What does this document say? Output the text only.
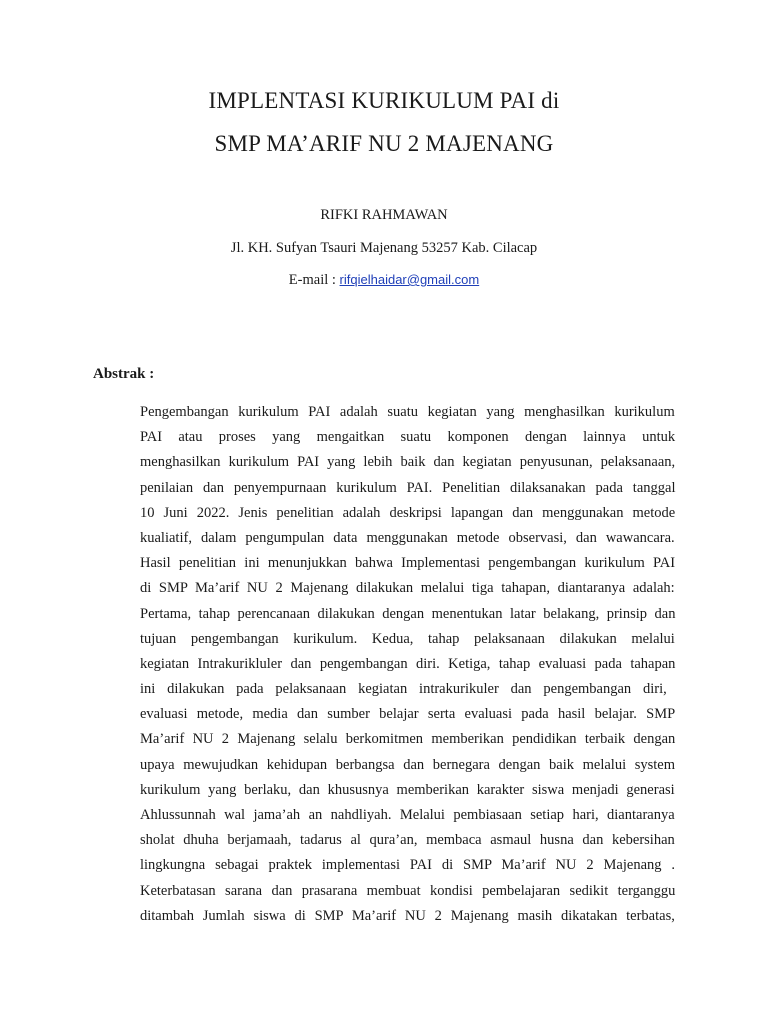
IMPLENTASI KURIKULUM PAI di
SMP MA’ARIF NU 2 MAJENANG
RIFKI RAHMAWAN
Jl. KH. Sufyan Tsauri Majenang 53257 Kab. Cilacap
E-mail : rifqielhaidar@gmail.com
Abstrak :
Pengembangan kurikulum PAI adalah suatu kegiatan yang menghasilkan kurikulum
PAI atau proses yang mengaitkan suatu komponen dengan lainnya untuk
menghasilkan kurikulum PAI yang lebih baik dan kegiatan penyusunan, pelaksanaan,
penilaian dan penyempurnaan kurikulum PAI. Penelitian dilaksanakan pada tanggal
10 Juni 2022. Jenis penelitian adalah deskripsi lapangan dan menggunakan metode
kualiatif, dalam pengumpulan data menggunakan metode observasi, dan wawancara.
Hasil penelitian ini menunjukkan bahwa Implementasi pengembangan kurikulum PAI
di SMP Ma’arif NU 2 Majenang dilakukan melalui tiga tahapan, diantaranya adalah:
Pertama, tahap perencanaan dilakukan dengan menentukan latar belakang, prinsip dan
tujuan pengembangan kurikulum. Kedua, tahap pelaksanaan dilakukan melalui
kegiatan Intrakurikluler dan pengembangan diri. Ketiga, tahap evaluasi pada tahapan
ini dilakukan pada pelaksanaan kegiatan intrakurikuler dan pengembangan diri,
evaluasi metode, media dan sumber belajar serta evaluasi pada hasil belajar. SMP
Ma’arif NU 2 Majenang selalu berkomitmen memberikan pendidikan terbaik dengan
upaya mewujudkan kehidupan berbangsa dan bernegara dengan baik melalui system
kurikulum yang berlaku, dan khususnya memberikan karakter siswa menjadi generasi
Ahlussunnah wal jama’ah an nahdliyah. Melalui pembiasaan setiap hari, diantaranya
sholat dhuha berjamaah, tadarus al qura’an, membaca asmaul husna dan kebersihan
lingkungna sebagai praktek implementasi PAI di SMP Ma’arif NU 2 Majenang .
Keterbatasan sarana dan prasarana membuat kondisi pembelajaran sedikit terganggu
ditambah Jumlah siswa di SMP Ma’arif NU 2 Majenang masih dikatakan terbatas,
